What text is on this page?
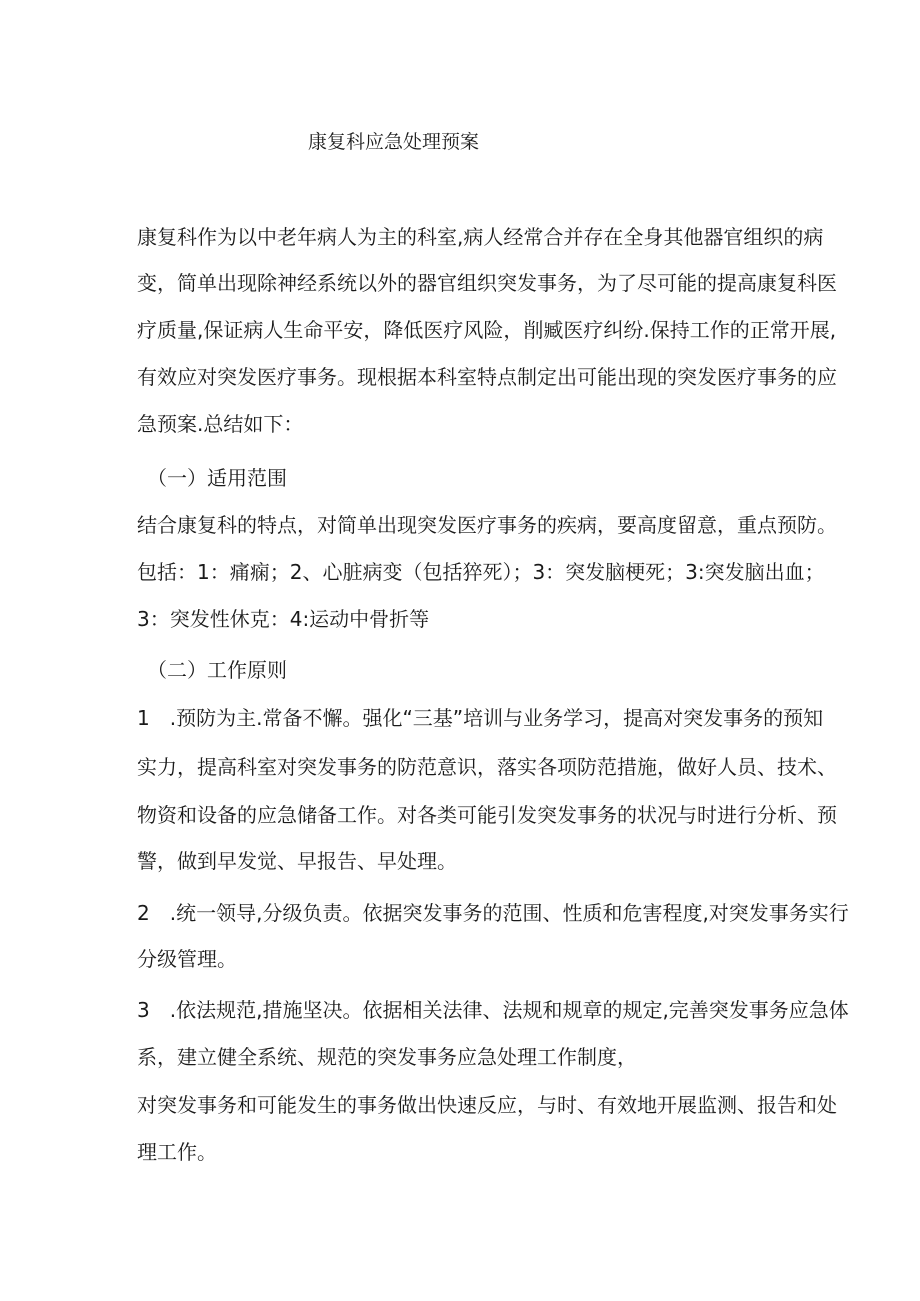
康复科应急处理预案
康复科作为以中老年病人为主的科室,病人经常合并存在全身其他器官组织的病
变，简单出现除神经系统以外的器官组织突发事务，为了尽可能的提高康复科医
疗质量,保证病人生命平安，降低医疗风险，削臧医疗纠纷.保持工作的正常开展,
有效应对突发医疗事务。现根据本科室特点制定出可能出现的突发医疗事务的应
急预案.总结如下：
（一）适用范围
结合康复科的特点，对简单出现突发医疗事务的疾病，要高度留意，重点预防。
包括：1：痛痫；2、心脏病变（包括猝死）；3：突发脑梗死；3:突发脑出血；
3：突发性休克：4:运动中骨折等
（二）工作原则
1　.预防为主.常备不懈。强化“三基”培训与业务学习，提高对突发事务的预知
实力，提高科室对突发事务的防范意识，落实各项防范措施，做好人员、技术、
物资和设备的应急储备工作。对各类可能引发突发事务的状况与时进行分析、预
警，做到早发觉、早报告、早处理。
2　.统一领导,分级负责。依据突发事务的范围、性质和危害程度,对突发事务实行
分级管理。
3　.依法规范,措施坚决。依据相关法律、法规和规章的规定,完善突发事务应急体
系，建立健全系统、规范的突发事务应急处理工作制度，
对突发事务和可能发生的事务做出快速反应，与时、有效地开展监测、报告和处
理工作。
